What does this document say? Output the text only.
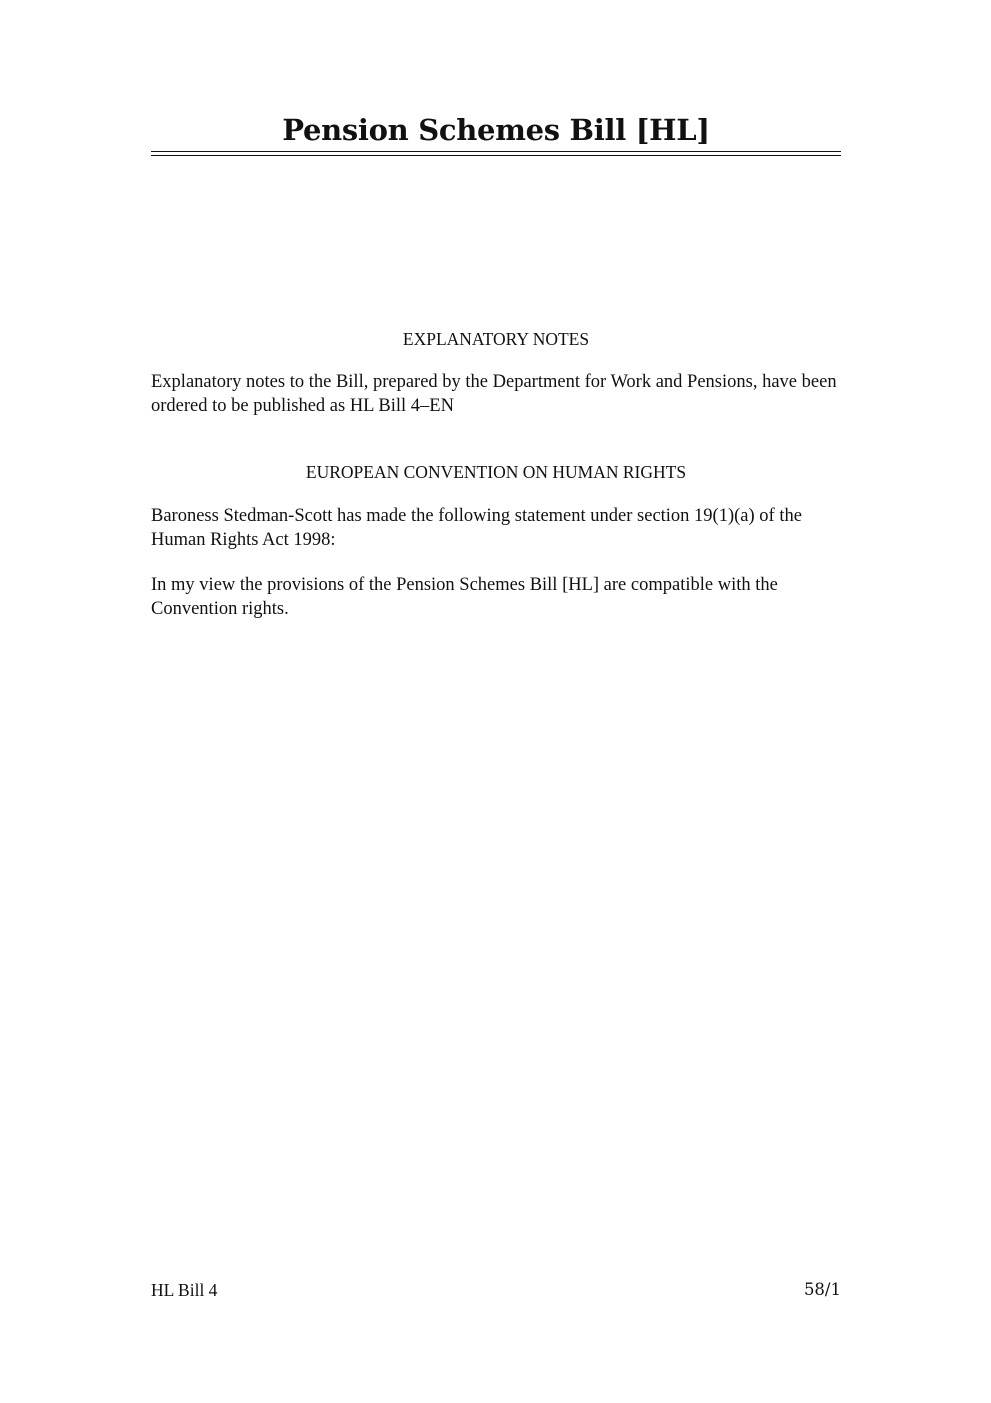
Pension Schemes Bill [HL]
EXPLANATORY NOTES

Explanatory notes to the Bill, prepared by the Department for Work and Pensions, have been ordered to be published as HL Bill 4–EN

EUROPEAN CONVENTION ON HUMAN RIGHTS

Baroness Stedman-Scott has made the following statement under section 19(1)(a) of the Human Rights Act 1998:

In my view the provisions of the Pension Schemes Bill [HL] are compatible with the Convention rights.

HL Bill 4	58/1
